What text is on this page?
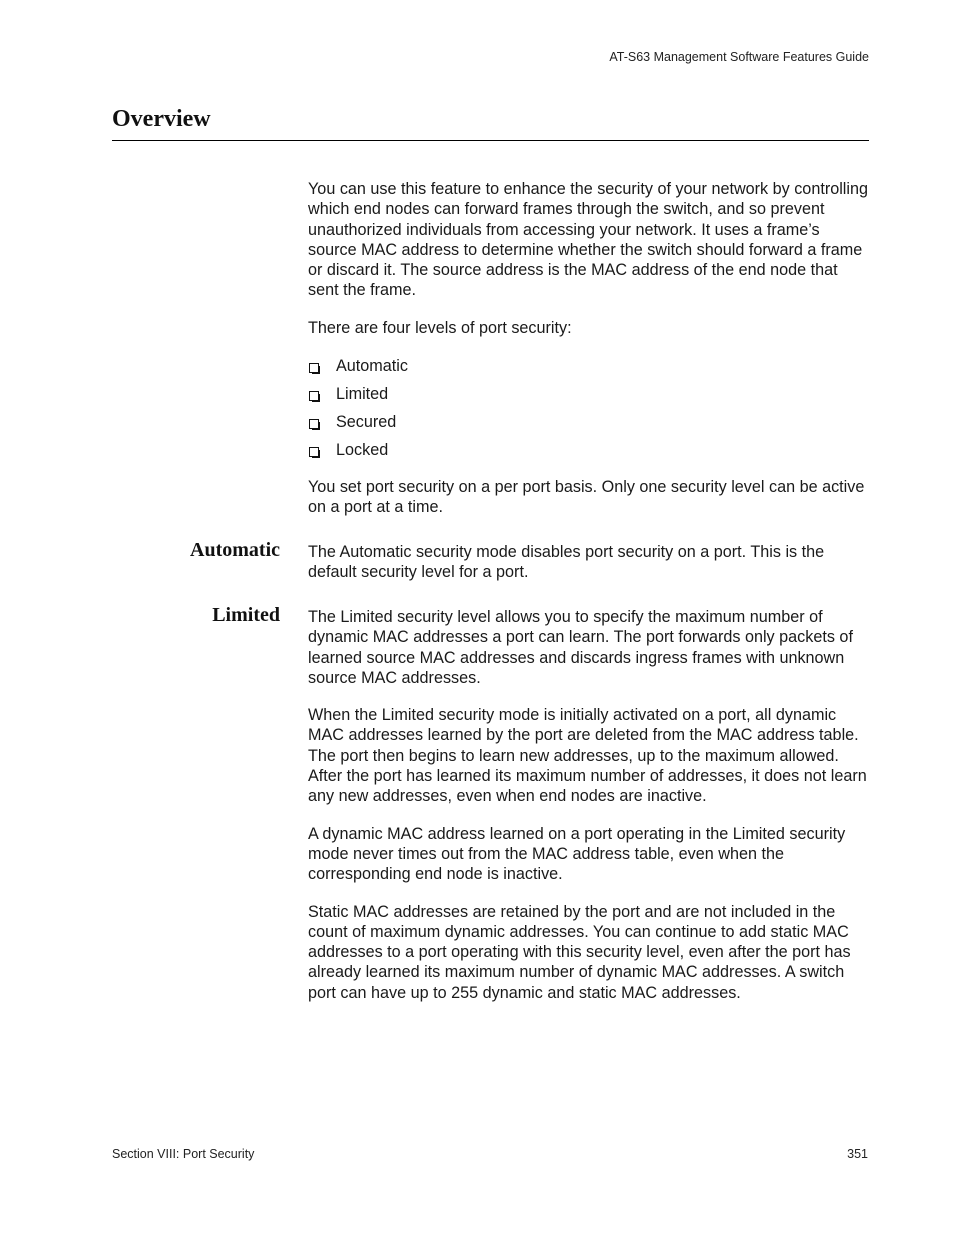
AT-S63 Management Software Features Guide
Overview

You can use this feature to enhance the security of your network by controlling which end nodes can forward frames through the switch, and so prevent unauthorized individuals from accessing your network. It uses a frame’s source MAC address to determine whether the switch should forward a frame or discard it. The source address is the MAC address of the end node that sent the frame.

There are four levels of port security:

Automatic
Limited
Secured
Locked

You set port security on a per port basis. Only one security level can be active on a port at a time.

Automatic The Automatic security mode disables port security on a port. This is the default security level for a port.

Limited The Limited security level allows you to specify the maximum number of dynamic MAC addresses a port can learn. The port forwards only packets of learned source MAC addresses and discards ingress frames with unknown source MAC addresses.

When the Limited security mode is initially activated on a port, all dynamic MAC addresses learned by the port are deleted from the MAC address table. The port then begins to learn new addresses, up to the maximum allowed. After the port has learned its maximum number of addresses, it does not learn any new addresses, even when end nodes are inactive.

A dynamic MAC address learned on a port operating in the Limited security mode never times out from the MAC address table, even when the corresponding end node is inactive.

Static MAC addresses are retained by the port and are not included in the count of maximum dynamic addresses. You can continue to add static MAC addresses to a port operating with this security level, even after the port has already learned its maximum number of dynamic MAC addresses. A switch port can have up to 255 dynamic and static MAC addresses.

Section VIII: Port Security	351
